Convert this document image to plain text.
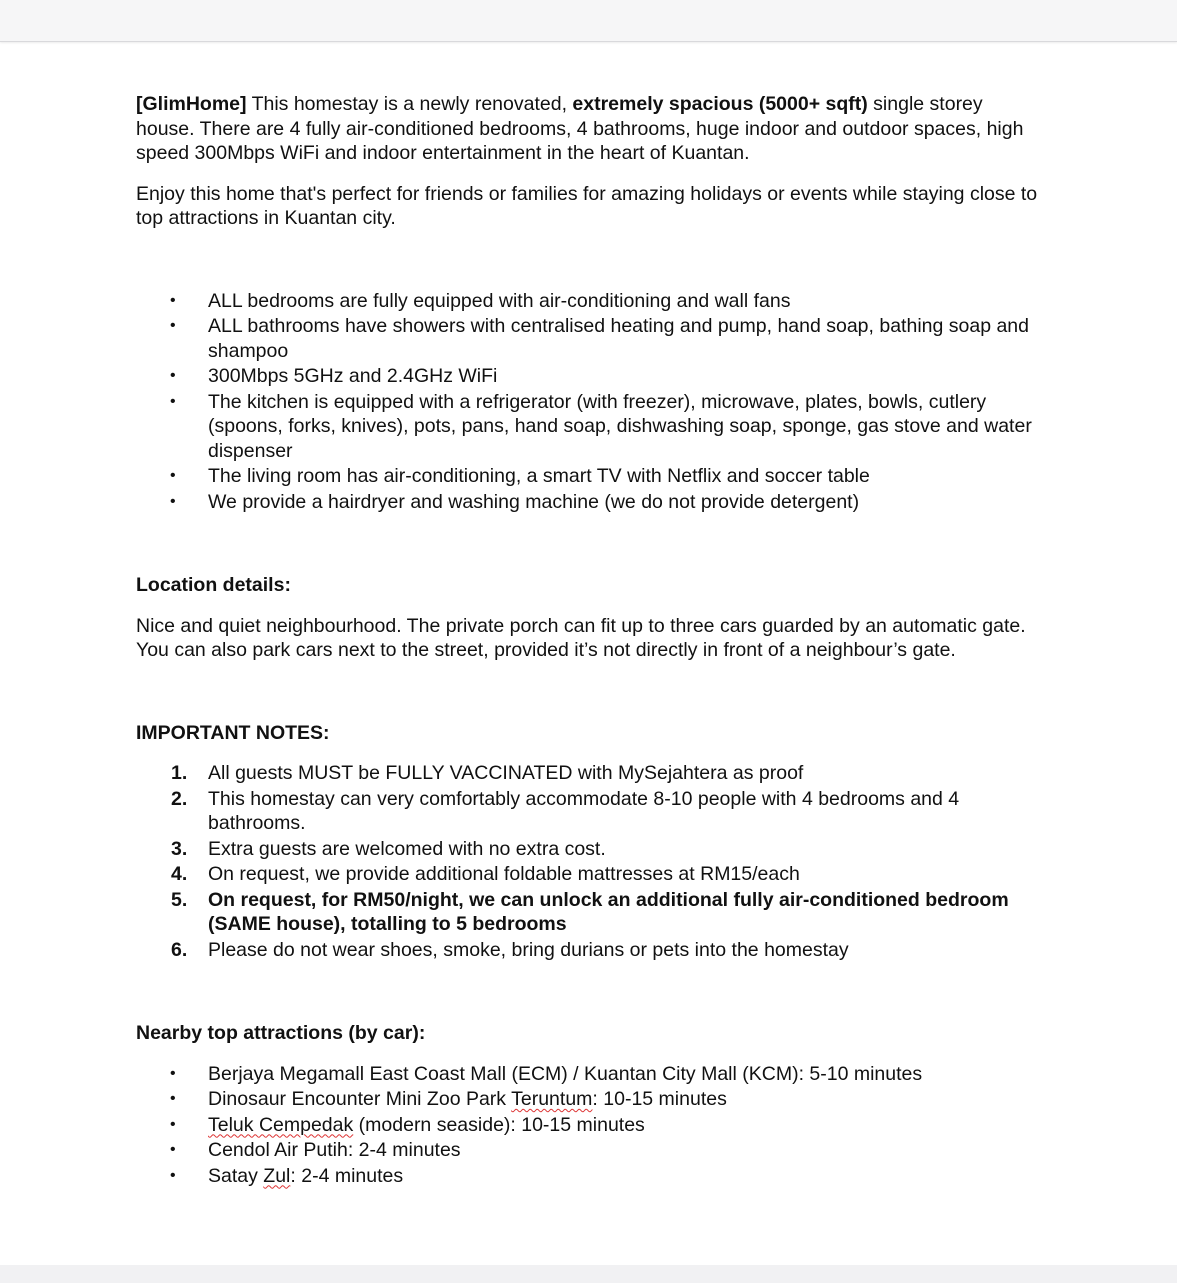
[GlimHome] This homestay is a newly renovated, extremely spacious (5000+ sqft) single storey house. There are 4 fully air-conditioned bedrooms, 4 bathrooms, huge indoor and outdoor spaces, high speed 300Mbps WiFi and indoor entertainment in the heart of Kuantan.

Enjoy this home that's perfect for friends or families for amazing holidays or events while staying close to top attractions in Kuantan city.

• ALL bedrooms are fully equipped with air-conditioning and wall fans
• ALL bathrooms have showers with centralised heating and pump, hand soap, bathing soap and shampoo
• 300Mbps 5GHz and 2.4GHz WiFi
• The kitchen is equipped with a refrigerator (with freezer), microwave, plates, bowls, cutlery (spoons, forks, knives), pots, pans, hand soap, dishwashing soap, sponge, gas stove and water dispenser
• The living room has air-conditioning, a smart TV with Netflix and soccer table
• We provide a hairdryer and washing machine (we do not provide detergent)

Location details:

Nice and quiet neighbourhood. The private porch can fit up to three cars guarded by an automatic gate. You can also park cars next to the street, provided it’s not directly in front of a neighbour’s gate.

IMPORTANT NOTES:

1. All guests MUST be FULLY VACCINATED with MySejahtera as proof
2. This homestay can very comfortably accommodate 8-10 people with 4 bedrooms and 4 bathrooms.
3. Extra guests are welcomed with no extra cost.
4. On request, we provide additional foldable mattresses at RM15/each
5. On request, for RM50/night, we can unlock an additional fully air-conditioned bedroom (SAME house), totalling to 5 bedrooms
6. Please do not wear shoes, smoke, bring durians or pets into the homestay

Nearby top attractions (by car):

• Berjaya Megamall East Coast Mall (ECM) / Kuantan City Mall (KCM): 5-10 minutes
• Dinosaur Encounter Mini Zoo Park Teruntum: 10-15 minutes
• Teluk Cempedak (modern seaside): 10-15 minutes
• Cendol Air Putih: 2-4 minutes
• Satay Zul: 2-4 minutes
